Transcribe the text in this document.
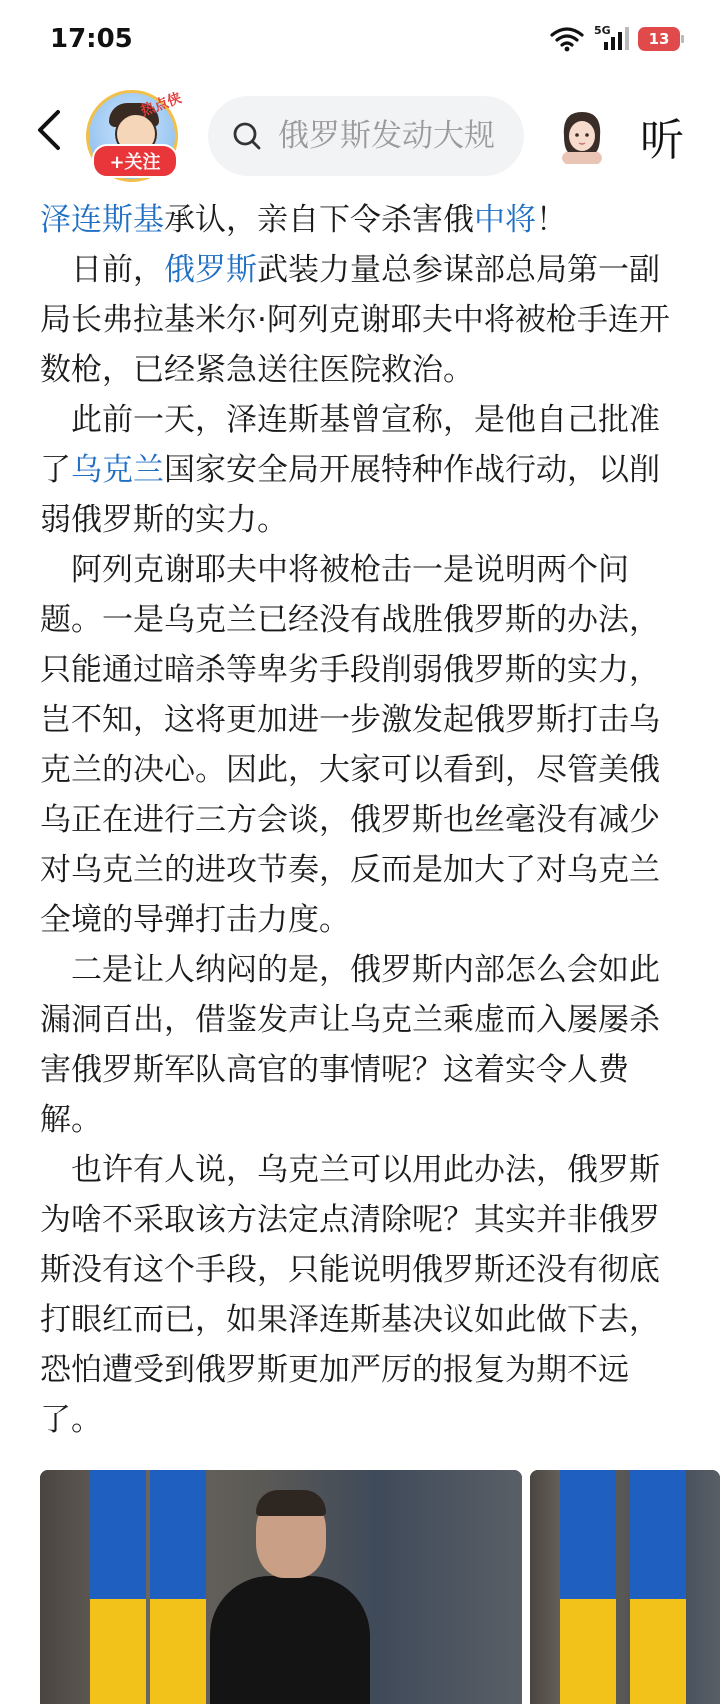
17:05	5G	13
热点侠
+关注
俄罗斯发动大规	听

泽连斯基承认，亲自下令杀害俄中将！

日前，俄罗斯武装力量总参谋部总局第一副局长弗拉基米尔·阿列克谢耶夫中将被枪手连开数枪，已经紧急送往医院救治。

此前一天，泽连斯基曾宣称，是他自己批准了乌克兰国家安全局开展特种作战行动，以削弱俄罗斯的实力。

阿列克谢耶夫中将被枪击一是说明两个问题。一是乌克兰已经没有战胜俄罗斯的办法，只能通过暗杀等卑劣手段削弱俄罗斯的实力，岂不知，这将更加进一步激发起俄罗斯打击乌克兰的决心。因此，大家可以看到，尽管美俄乌正在进行三方会谈，俄罗斯也丝毫没有减少对乌克兰的进攻节奏，反而是加大了对乌克兰全境的导弹打击力度。

二是让人纳闷的是，俄罗斯内部怎么会如此漏洞百出，借鉴发声让乌克兰乘虚而入屡屡杀害俄罗斯军队高官的事情呢？这着实令人费解。

也许有人说，乌克兰可以用此办法，俄罗斯为啥不采取该方法定点清除呢？其实并非俄罗斯没有这个手段，只能说明俄罗斯还没有彻底打眼红而已，如果泽连斯基决议如此做下去，恐怕遭受到俄罗斯更加严厉的报复为期不远了。
